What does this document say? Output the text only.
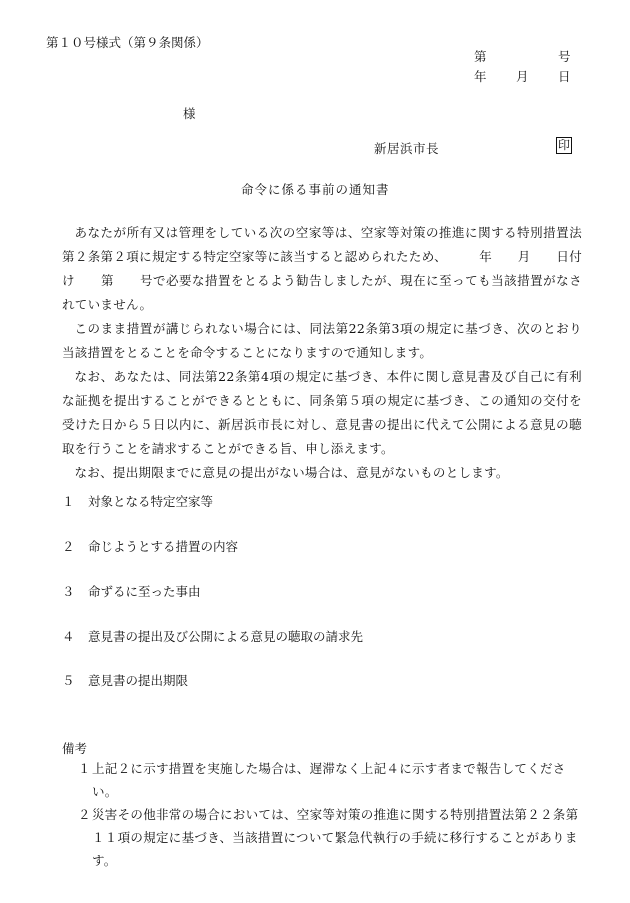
第１０号様式（第９条関係）
第	号
年 月 日
様
新居浜市長	印
命令に係る事前の通知書

あなたが所有又は管理をしている次の空家等は、空家等対策の推進に関する特別措置法第２条第２項に規定する特定空家等に該当すると認められたため、　　　年　　月　　日付け　　第　　号で必要な措置をとるよう勧告しましたが、現在に至っても当該措置がなされていません。

このまま措置が講じられない場合には、同法第22条第3項の規定に基づき、次のとおり当該措置をとることを命令することになりますので通知します。

なお、あなたは、同法第22条第4項の規定に基づき、本件に関し意見書及び自己に有利な証拠を提出することができるとともに、同条第５項の規定に基づき、この通知の交付を受けた日から５日以内に、新居浜市長に対し、意見書の提出に代えて公開による意見の聴取を行うことを請求することができる旨、申し添えます。

なお、提出期限までに意見の提出がない場合は、意見がないものとします。

１ 対象となる特定空家等
２ 命じようとする措置の内容
３ 命ずるに至った事由
４ 意見書の提出及び公開による意見の聴取の請求先
５ 意見書の提出期限
備考
１ 上記２に示す措置を実施した場合は、遅滞なく上記４に示す者まで報告してください。
２ 災害その他非常の場合においては、空家等対策の推進に関する特別措置法第２２条第１１項の規定に基づき、当該措置について緊急代執行の手続に移行することがあります。
